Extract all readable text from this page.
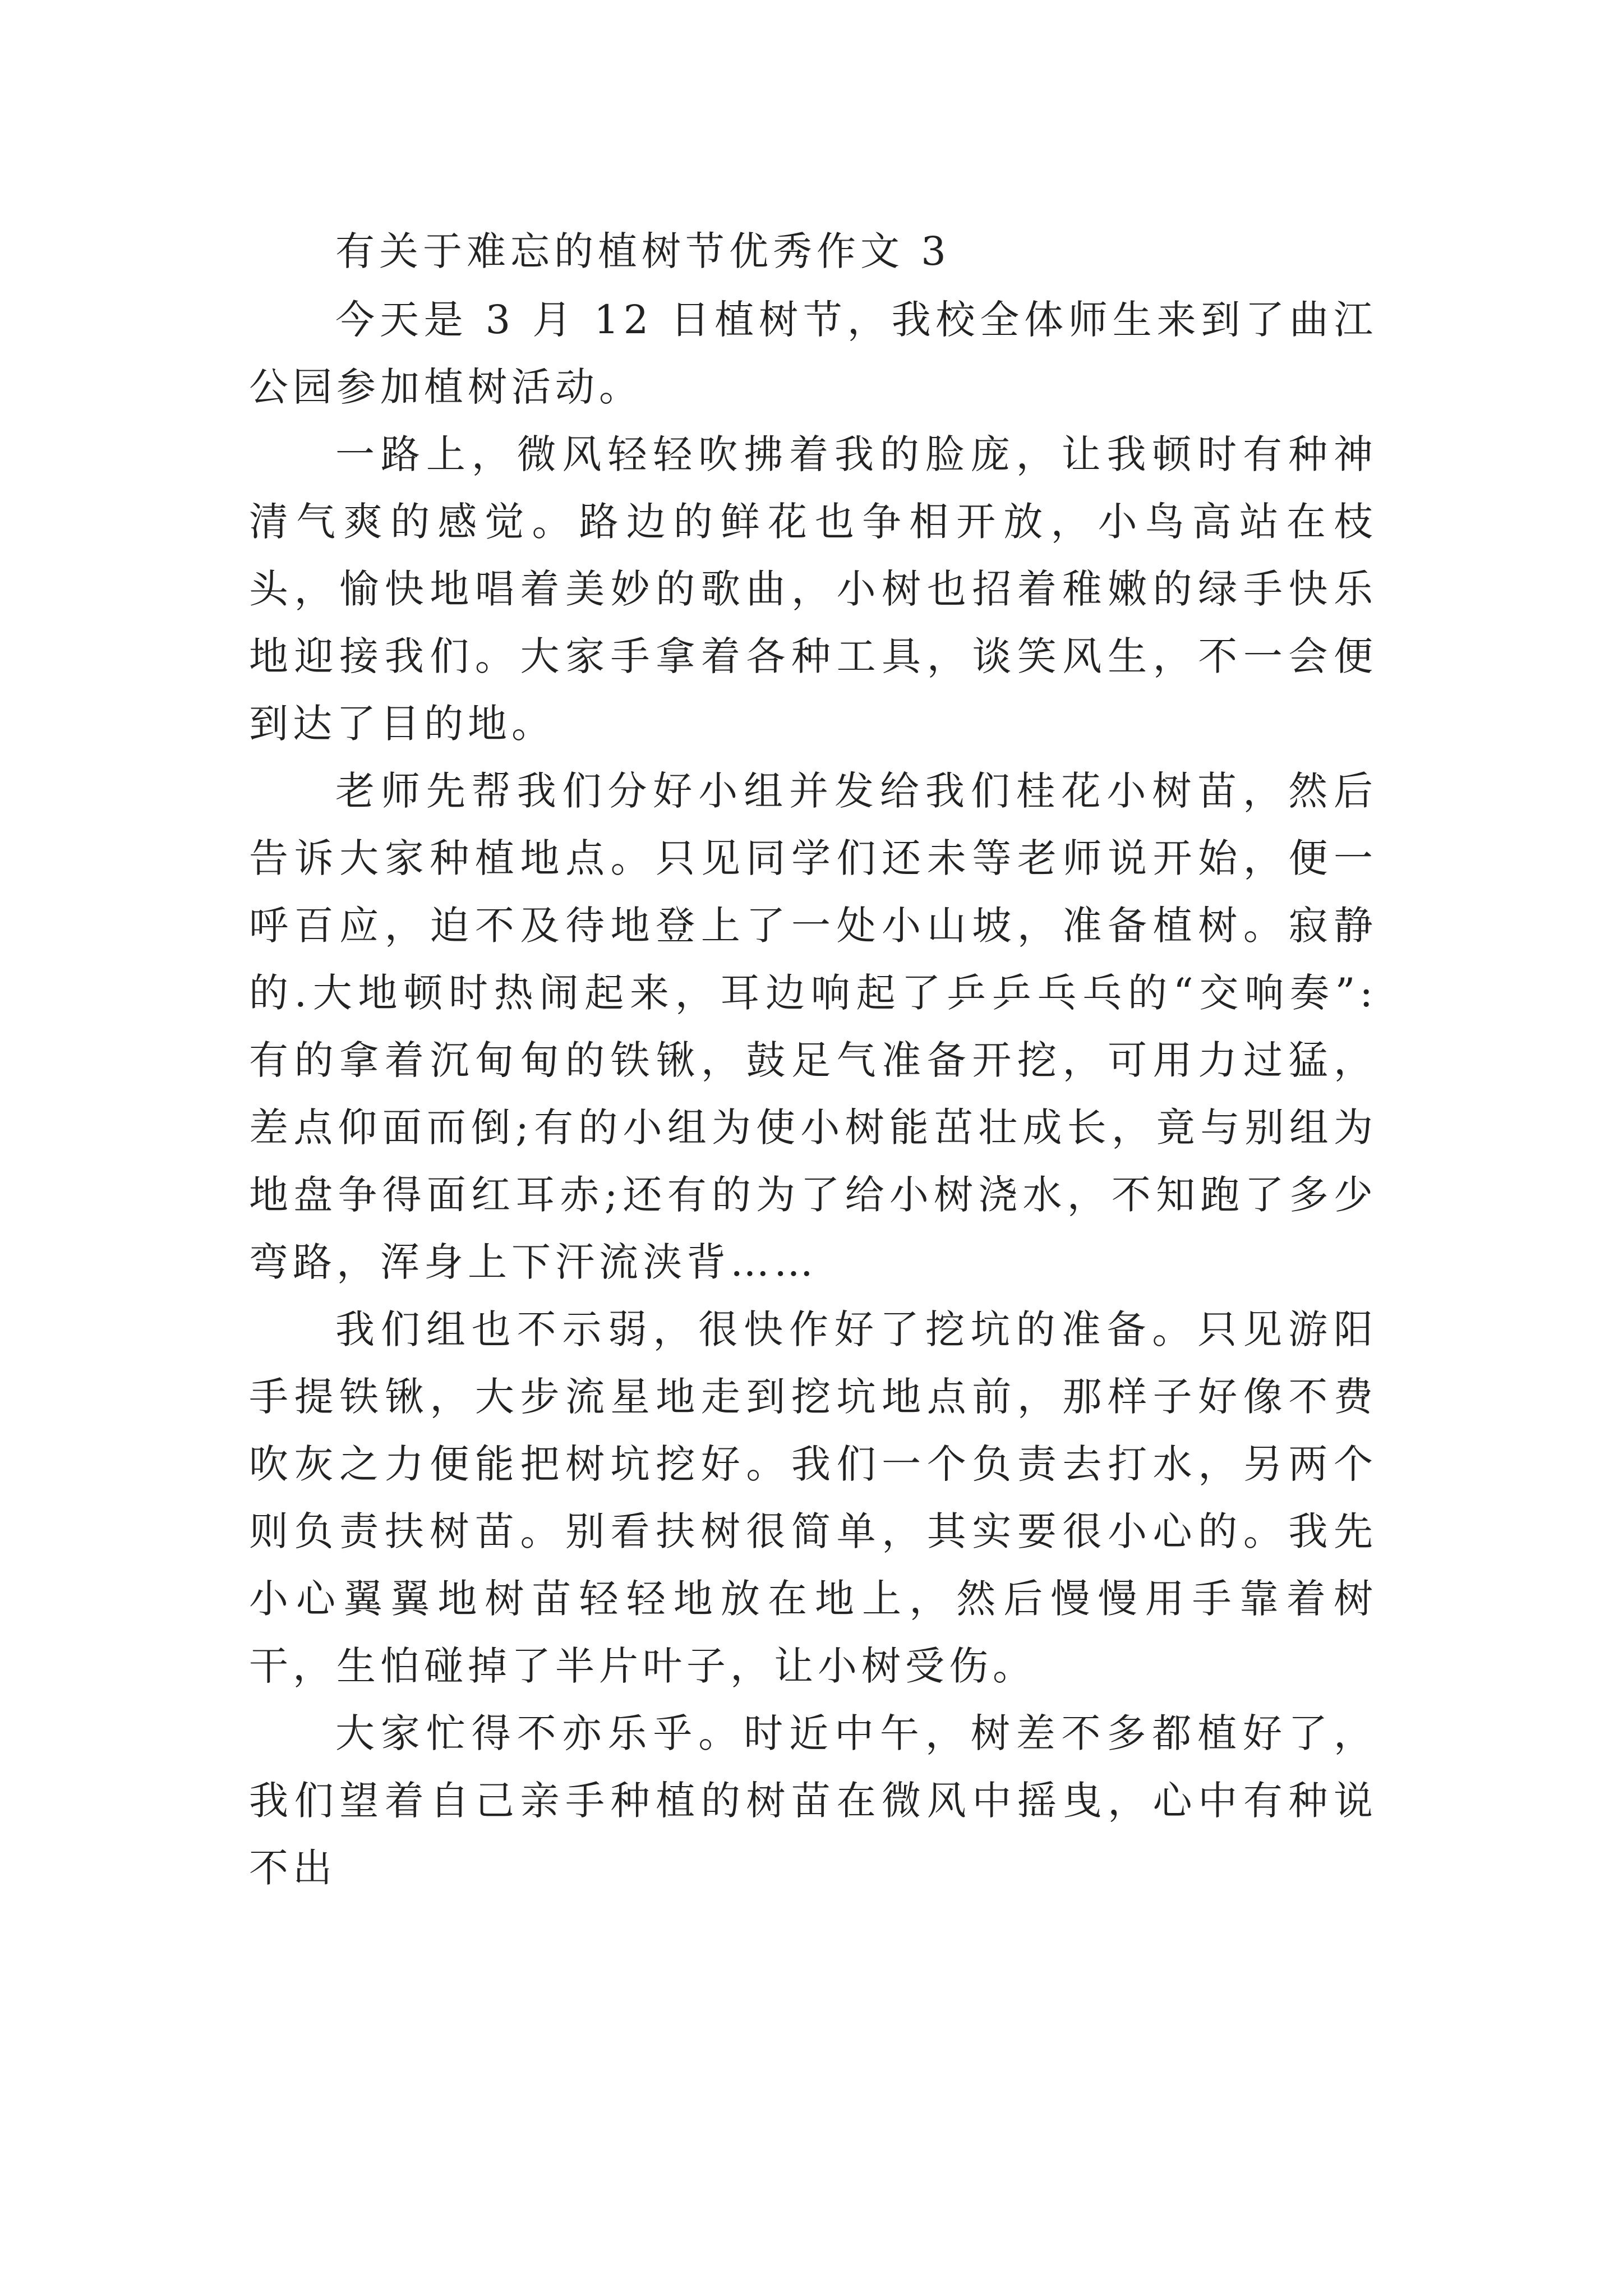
有关于难忘的植树节优秀作文 3

今天是 3 月 12 日植树节，我校全体师生来到了曲江公园参加植树活动。

一路上，微风轻轻吹拂着我的脸庞，让我顿时有种神清气爽的感觉。路边的鲜花也争相开放，小鸟高站在枝头，愉快地唱着美妙的歌曲，小树也招着稚嫩的绿手快乐地迎接我们。大家手拿着各种工具，谈笑风生，不一会便到达了目的地。

老师先帮我们分好小组并发给我们桂花小树苗，然后告诉大家种植地点。只见同学们还未等老师说开始，便一呼百应，迫不及待地登上了一处小山坡，准备植树。寂静的.大地顿时热闹起来，耳边响起了乒乒乓乓的“交响奏”:有的拿着沉甸甸的铁锹，鼓足气准备开挖，可用力过猛，差点仰面而倒;有的小组为使小树能茁壮成长，竟与别组为地盘争得面红耳赤;还有的为了给小树浇水，不知跑了多少弯路，浑身上下汗流浃背……

我们组也不示弱，很快作好了挖坑的准备。只见游阳手提铁锹，大步流星地走到挖坑地点前，那样子好像不费吹灰之力便能把树坑挖好。我们一个负责去打水，另两个则负责扶树苗。别看扶树很简单，其实要很小心的。我先小心翼翼地树苗轻轻地放在地上，然后慢慢用手靠着树干，生怕碰掉了半片叶子，让小树受伤。

大家忙得不亦乐乎。时近中午，树差不多都植好了，我们望着自己亲手种植的树苗在微风中摇曳，心中有种说不出
